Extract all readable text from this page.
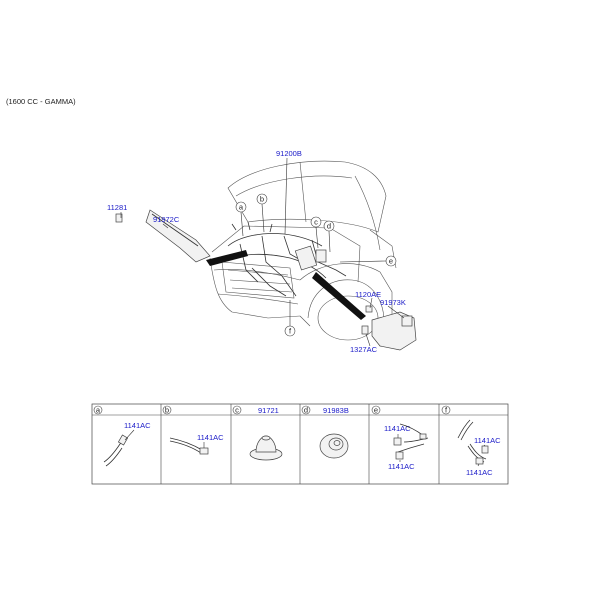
(1600 CC - GAMMA)
a
b
c d
e
f
91200B
11281
91972C
1120AE
91973K
1327AC
a
1141AC
b
1141AC
c	91721	d 91983B	e
1141AC
1141AC
f
1141AC
1141AC
